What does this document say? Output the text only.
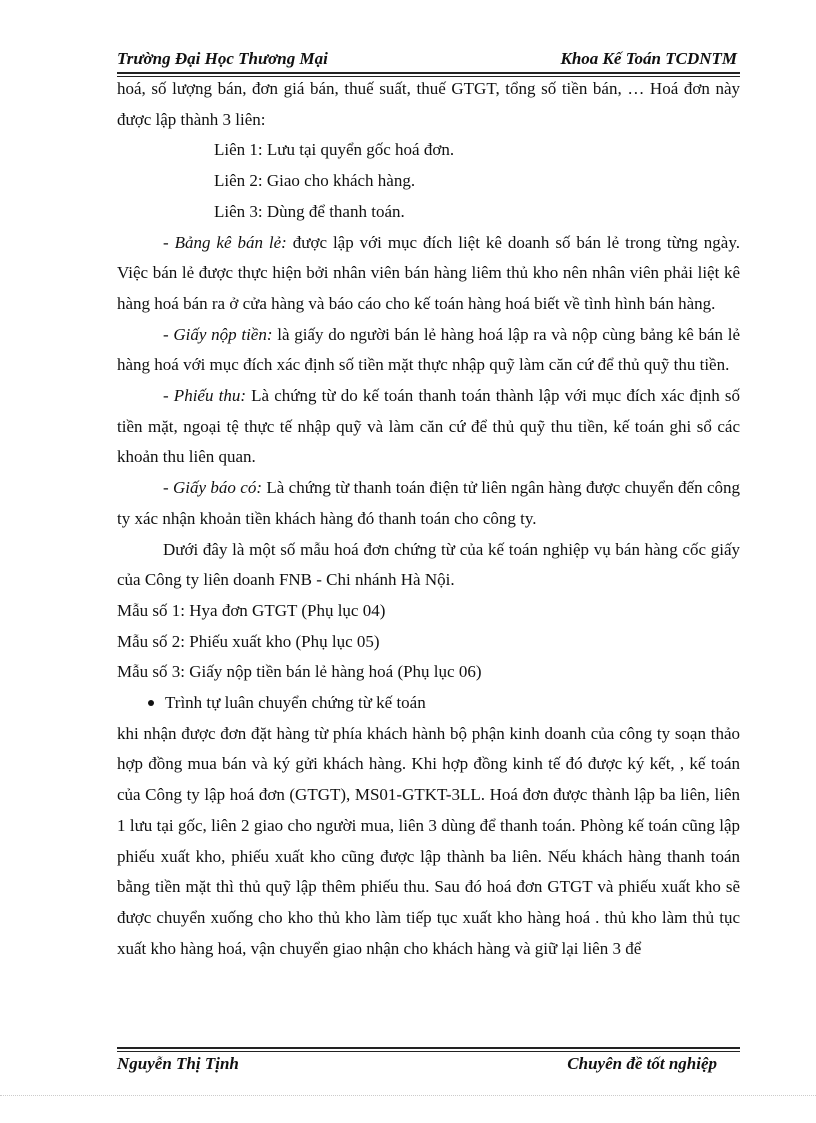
Trường Đại Học Thương Mại	Khoa Kế Toán TCDNTM

hoá, số lượng bán, đơn giá bán, thuế suất, thuế GTGT, tổng số tiền bán, … Hoá đơn này được lập thành 3 liên:

Liên 1: Lưu tại quyển gốc hoá đơn.

Liên 2: Giao cho khách hàng.

Liên 3: Dùng để thanh toán.

- Bảng kê bán lẻ: được lập với mục đích liệt kê doanh số bán lẻ trong từng ngày. Việc bán lẻ được thực hiện bởi nhân viên bán hàng liêm thủ kho nên nhân viên phải liệt kê hàng hoá bán ra ở cửa hàng và báo cáo cho kế toán hàng hoá biết về tình hình bán hàng.

- Giấy nộp tiền: là giấy do người bán lẻ hàng hoá lập ra và nộp cùng bảng kê bán lẻ hàng hoá với mục đích xác định số tiền mặt thực nhập quỹ làm căn cứ để thủ quỹ thu tiền.

- Phiếu thu: Là chứng từ do kế toán thanh toán thành lập với mục đích xác định số tiền mặt, ngoại tệ thực tế nhập quỹ và làm căn cứ để thủ quỹ thu tiền, kế toán ghi sổ các khoản thu liên quan.

- Giấy báo có: Là chứng từ thanh toán điện tử liên ngân hàng được chuyển đến công ty xác nhận khoản tiền khách hàng đó thanh toán cho công ty.

Dưới đây là một số mẫu hoá đơn chứng từ của kế toán nghiệp vụ bán hàng cốc giấy của Công ty liên doanh FNB - Chi nhánh Hà Nội.

Mẫu số 1: Hya đơn GTGT (Phụ lục 04)

Mẫu số 2: Phiếu xuất kho (Phụ lục 05)

Mẫu số 3: Giấy nộp tiền bán lẻ hàng hoá (Phụ lục 06)

Trình tự luân chuyển chứng từ kế toán

khi nhận được đơn đặt hàng từ phía khách hành bộ phận kinh doanh của công ty soạn thảo hợp đồng mua bán và ký gửi khách hàng. Khi hợp đồng kinh tế đó được ký kết, , kế toán của Công ty lập hoá đơn (GTGT), MS01-GTKT-3LL. Hoá đơn được thành lập ba liên, liên 1 lưu tại gốc, liên 2 giao cho người mua, liên 3 dùng để thanh toán. Phòng kế toán cũng lập phiếu xuất kho, phiếu xuất kho cũng được lập thành ba liên. Nếu khách hàng thanh toán bằng tiền mặt thì thủ quỹ lập thêm phiếu thu. Sau đó hoá đơn GTGT và phiếu xuất kho sẽ được chuyển xuống cho kho thủ kho làm tiếp tục xuất kho hàng hoá . thủ kho làm thủ tục xuất kho hàng hoá, vận chuyển giao nhận cho khách hàng và giữ lại liên 3 để

Nguyễn Thị Tịnh	Chuyên đề tốt nghiệp
